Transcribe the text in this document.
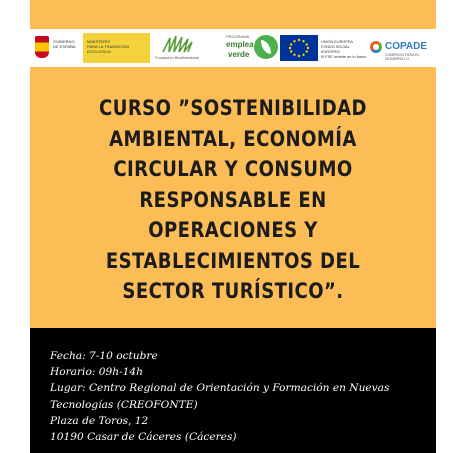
GOBIERNO
DE ESPAÑA
MINISTERIO
PARA LA TRANSICIÓN ECOLÓGICA
Fundación Biodiversidad
PROGRAMA
emplea
verde
UNIÓN EUROPEA
FONDO SOCIAL EUROPEO
El FSE invierte en tu futuro
COPADE
COMERCIO PARA EL DESARROLLO
CURSO ”SOSTENIBILIDAD
AMBIENTAL, ECONOMÍA
CIRCULAR Y CONSUMO
RESPONSABLE EN
OPERACIONES Y
ESTABLECIMIENTOS DEL
SECTOR TURÍSTICO”.
Fecha: 7-10 octubre
Horario: 09h-14h
Lugar: Centro Regional de Orientación y Formación en Nuevas
Tecnologías (CREOFONTE)
Plaza de Toros, 12
10190 Casar de Cáceres (Cáceres)
